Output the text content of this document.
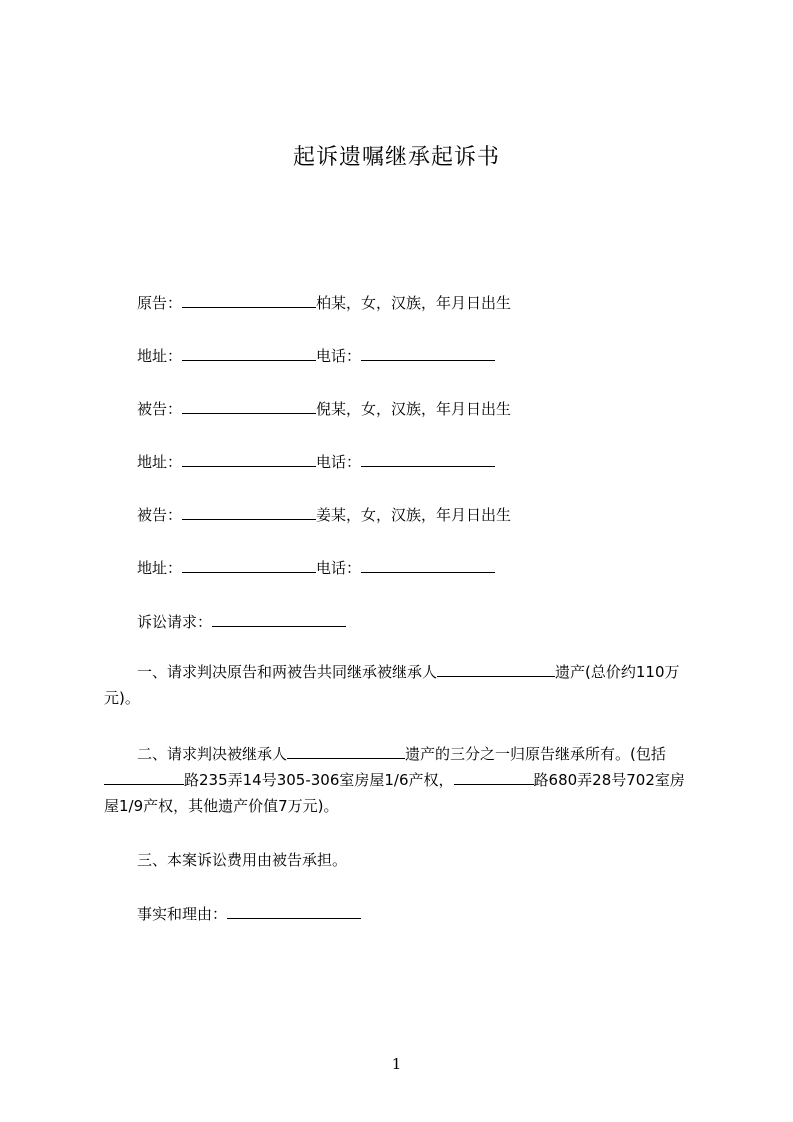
起诉遗嘱继承起诉书
原告：	柏某，女，汉族，年月日出生
地址：	电话：
被告：	倪某，女，汉族，年月日出生
地址：	电话：
被告：	姜某，女，汉族，年月日出生
地址：	电话：
诉讼请求：
一、请求判决原告和两被告共同继承被继承人	遗产(总价约110万元)。
二、请求判决被继承人	遗产的三分之一归原告继承所有。(包括路235弄14号305-306室房屋1/6产权，	路680弄28号702室房屋1/9产权，其他遗产价值7万元)。
三、本案诉讼费用由被告承担。
事实和理由：
1
